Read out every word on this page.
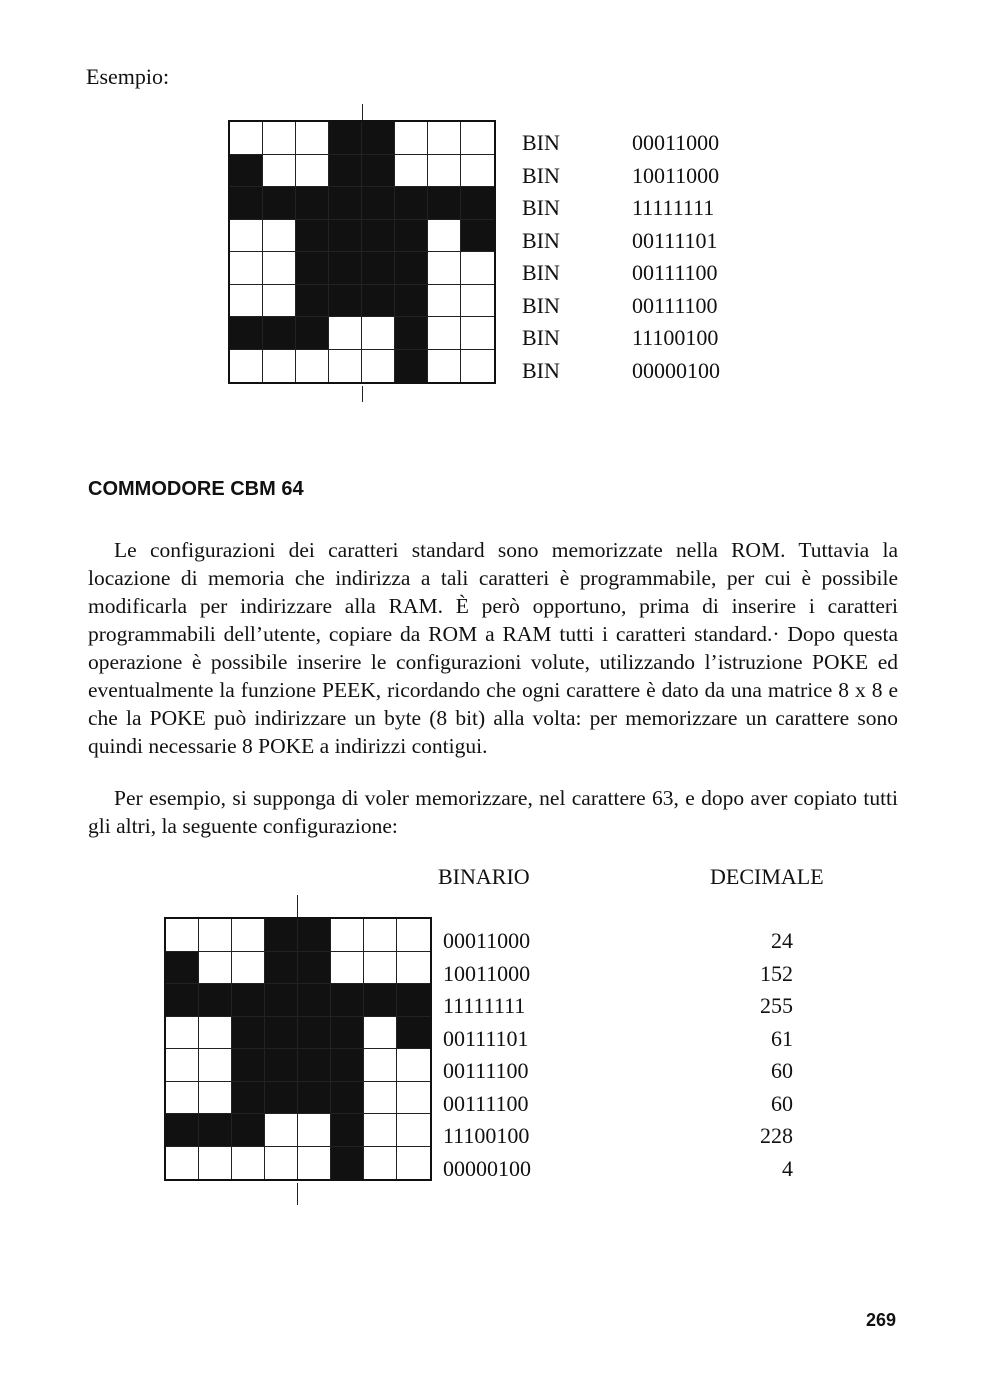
Esempio:
BIN	00011000
BIN	10011000
BIN	11111111
BIN	00111101
BIN	00111100
BIN	00111100
BIN	11100100
BIN	00000100
COMMODORE CBM 64

Le configurazioni dei caratteri standard sono memorizzate nella ROM. Tuttavia la locazione di memoria che indirizza a tali caratteri è programmabile, per cui è possibile modificarla per indirizzare alla RAM. È però opportuno, prima di inserire i caratteri programmabili dell’utente, copiare da ROM a RAM tutti i caratteri standard.· Dopo questa operazione è possibile inserire le configurazioni volute, utilizzando l’istruzione POKE ed eventualmente la funzione PEEK, ricordando che ogni carattere è dato da una matrice 8 x 8 e che la POKE può indirizzare un byte (8 bit) alla volta: per memorizzare un carattere sono quindi necessarie 8 POKE a indirizzi contigui.

Per esempio, si supponga di voler memorizzare, nel carattere 63, e dopo aver copiato tutti gli altri, la seguente configurazione:

BINARIO	DECIMALE
00011000	24
10011000	152
11111111	255
00111101	61
00111100	60
00111100	60
11100100	228
00000100	4
269
